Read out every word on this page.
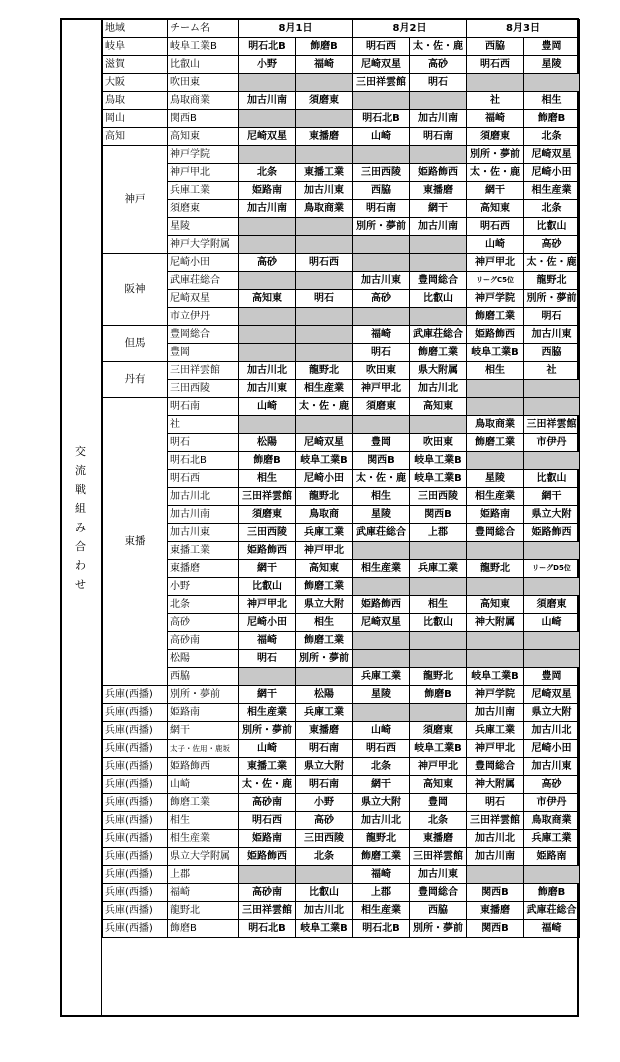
交流戦組み合わせ
地域	チーム名	8月1日		8月2日		8月3日	
岐阜	岐阜工業B	明石北B	飾磨B	明石西	太・佐・鹿	西脇	豊岡
滋賀	比叡山	小野	福崎	尼崎双星	高砂	明石西	星陵
大阪	吹田東			三田祥雲館	明石		
鳥取	鳥取商業	加古川南	須磨東			社	相生
岡山	関西B			明石北B	加古川南	福崎	飾磨B
高知	高知東	尼崎双星	東播磨	山崎	明石南	須磨東	北条
神戸	神戸学院					別所・夢前	尼崎双星
	神戸甲北	北条	東播工業	三田西陵	姫路飾西	太・佐・鹿	尼崎小田
	兵庫工業	姫路南	加古川東	西脇	東播磨	網干	相生産業
	須磨東	加古川南	鳥取商業	明石南	網干	高知東	北条
	星陵			別所・夢前	加古川南	明石西	比叡山
	神戸大学附属					山崎	高砂
阪神	尼崎小田	高砂	明石西			神戸甲北	太・佐・鹿
	武庫荘総合			加古川東	豊岡総合	リーグC5位	龍野北
	尼崎双星	高知東	明石	高砂	比叡山	神戸学院	別所・夢前
	市立伊丹					飾磨工業	明石
但馬	豊岡総合			福崎	武庫荘総合	姫路飾西	加古川東
	豊岡			明石	飾磨工業	岐阜工業B	西脇
丹有	三田祥雲館	加古川北	龍野北	吹田東	県大附属	相生	社
	三田西陵	加古川東	相生産業	神戸甲北	加古川北		
東播	明石南	山崎	太・佐・鹿	須磨東	高知東		
	社					鳥取商業	三田祥雲館
	明石	松陽	尼崎双星	豊岡	吹田東	飾磨工業	市伊丹
	明石北B	飾磨B	岐阜工業B	関西B	岐阜工業B		
	明石西	相生	尼崎小田	太・佐・鹿	岐阜工業B	星陵	比叡山
	加古川北	三田祥雲館	龍野北	相生	三田西陵	相生産業	網干
	加古川南	須磨東	鳥取商	星陵	関西B	姫路南	県立大附
	加古川東	三田西陵	兵庫工業	武庫荘総合	上郡	豊岡総合	姫路飾西
	東播工業	姫路飾西	神戸甲北				
	東播磨	網干	高知東	相生産業	兵庫工業	龍野北	リーグD5位
	小野	比叡山	飾磨工業				
	北条	神戸甲北	県立大附	姫路飾西	相生	高知東	須磨東
	高砂	尼崎小田	相生	尼崎双星	比叡山	神大附属	山崎
	高砂南	福崎	飾磨工業				
	松陽	明石	別所・夢前				
	西脇			兵庫工業	龍野北	岐阜工業B	豊岡
兵庫(西播)	別所・夢前	網干	松陽	星陵	飾磨B	神戸学院	尼崎双星
兵庫(西播)	姫路南	相生産業	兵庫工業			加古川南	県立大附
兵庫(西播)	網干	別所・夢前	東播磨	山崎	須磨東	兵庫工業	加古川北
兵庫(西播)	太子・佐用・鹿坂	山崎	明石南	明石西	岐阜工業B	神戸甲北	尼崎小田
兵庫(西播)	姫路飾西	東播工業	県立大附	北条	神戸甲北	豊岡総合	加古川東
兵庫(西播)	山崎	太・佐・鹿	明石南	網干	高知東	神大附属	高砂
兵庫(西播)	飾磨工業	高砂南	小野	県立大附	豊岡	明石	市伊丹
兵庫(西播)	相生	明石西	高砂	加古川北	北条	三田祥雲館	鳥取商業
兵庫(西播)	相生産業	姫路南	三田西陵	龍野北	東播磨	加古川北	兵庫工業
兵庫(西播)	県立大学附属	姫路飾西	北条	飾磨工業	三田祥雲館	加古川南	姫路南
兵庫(西播)	上郡			福崎	加古川東		
兵庫(西播)	福崎	高砂南	比叡山	上郡	豊岡総合	関西B	飾磨B
兵庫(西播)	龍野北	三田祥雲館	加古川北	相生産業	西脇	東播磨	武庫荘総合
兵庫(西播)	飾磨B	明石北B	岐阜工業B	明石北B	別所・夢前	関西B	福崎
